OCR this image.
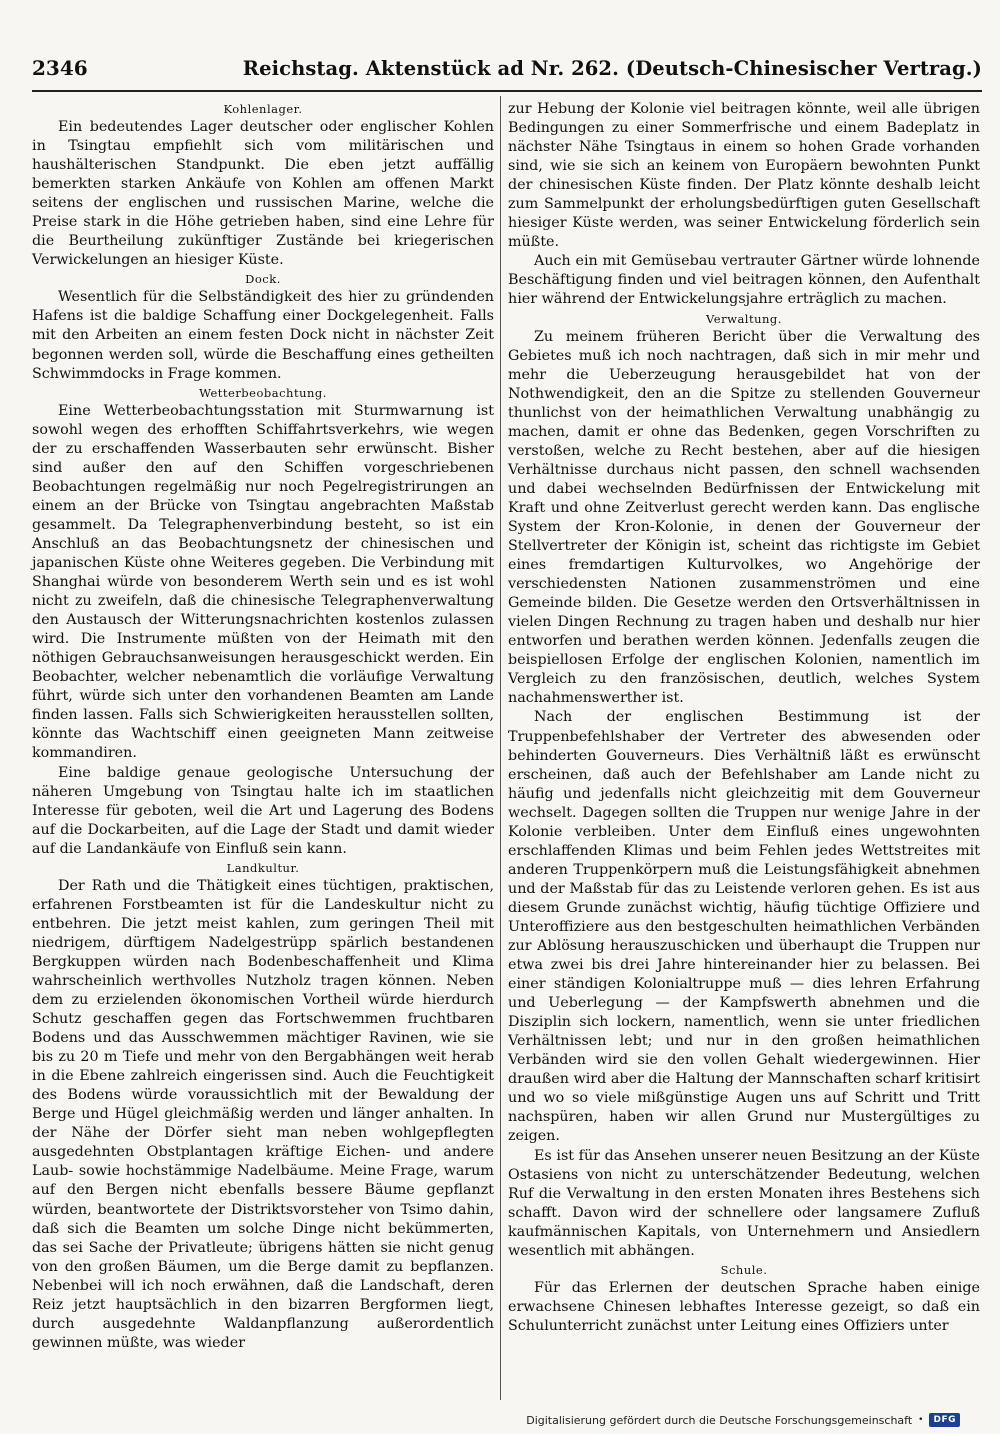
2346	Reichstag. Aktenstück ad Nr. 262. (Deutsch-Chinesischer Vertrag.)
Kohlenlager.

Ein bedeutendes Lager deutscher oder englischer Kohlen in Tsingtau empfiehlt sich vom militärischen und haushälterischen Standpunkt. Die eben jetzt auffällig bemerkten starken Ankäufe von Kohlen am offenen Markt seitens der englischen und russischen Marine, welche die Preise stark in die Höhe getrieben haben, sind eine Lehre für die Beurtheilung zukünftiger Zustände bei kriegerischen Verwickelungen an hiesiger Küste.

Dock.

Wesentlich für die Selbständigkeit des hier zu gründenden Hafens ist die baldige Schaffung einer Dockgelegenheit. Falls mit den Arbeiten an einem festen Dock nicht in nächster Zeit begonnen werden soll, würde die Beschaffung eines getheilten Schwimmdocks in Frage kommen.

Wetterbeobachtung.

Eine Wetterbeobachtungsstation mit Sturmwarnung ist sowohl wegen des erhofften Schiffahrtsverkehrs, wie wegen der zu erschaffenden Wasserbauten sehr erwünscht. Bisher sind außer den auf den Schiffen vorgeschriebenen Beobachtungen regelmäßig nur noch Pegelregistrirungen an einem an der Brücke von Tsingtau angebrachten Maßstab gesammelt. Da Telegraphenverbindung besteht, so ist ein Anschluß an das Beobachtungsnetz der chinesischen und japanischen Küste ohne Weiteres gegeben. Die Verbindung mit Shanghai würde von besonderem Werth sein und es ist wohl nicht zu zweifeln, daß die chinesische Telegraphenverwaltung den Austausch der Witterungsnachrichten kostenlos zulassen wird. Die Instrumente müßten von der Heimath mit den nöthigen Gebrauchsanweisungen herausgeschickt werden. Ein Beobachter, welcher nebenamtlich die vorläufige Verwaltung führt, würde sich unter den vorhandenen Beamten am Lande finden lassen. Falls sich Schwierigkeiten herausstellen sollten, könnte das Wachtschiff einen geeigneten Mann zeitweise kommandiren.

Eine baldige genaue geologische Untersuchung der näheren Umgebung von Tsingtau halte ich im staatlichen Interesse für geboten, weil die Art und Lagerung des Bodens auf die Dockarbeiten, auf die Lage der Stadt und damit wieder auf die Landankäufe von Einfluß sein kann.

Landkultur.

Der Rath und die Thätigkeit eines tüchtigen, praktischen, erfahrenen Forstbeamten ist für die Landeskultur nicht zu entbehren. Die jetzt meist kahlen, zum geringen Theil mit niedrigem, dürftigem Nadelgestrüpp spärlich bestandenen Bergkuppen würden nach Bodenbeschaffenheit und Klima wahrscheinlich werthvolles Nutzholz tragen können. Neben dem zu erzielenden ökonomischen Vortheil würde hierdurch Schutz geschaffen gegen das Fortschwemmen fruchtbaren Bodens und das Ausschwemmen mächtiger Ravinen, wie sie bis zu 20 m Tiefe und mehr von den Bergabhängen weit herab in die Ebene zahlreich eingerissen sind. Auch die Feuchtigkeit des Bodens würde voraussichtlich mit der Bewaldung der Berge und Hügel gleichmäßig werden und länger anhalten. In der Nähe der Dörfer sieht man neben wohlgepflegten ausgedehnten Obstplantagen kräftige Eichen- und andere Laub- sowie hochstämmige Nadelbäume. Meine Frage, warum auf den Bergen nicht ebenfalls bessere Bäume gepflanzt würden, beantwortete der Distriktsvorsteher von Tsimo dahin, daß sich die Beamten um solche Dinge nicht bekümmerten, das sei Sache der Privatleute; übrigens hätten sie nicht genug von den großen Bäumen, um die Berge damit zu bepflanzen. Nebenbei will ich noch erwähnen, daß die Landschaft, deren Reiz jetzt hauptsächlich in den bizarren Bergformen liegt, durch ausgedehnte Waldanpflanzung außerordentlich gewinnen müßte, was wieder

zur Hebung der Kolonie viel beitragen könnte, weil alle übrigen Bedingungen zu einer Sommerfrische und einem Badeplatz in nächster Nähe Tsingtaus in einem so hohen Grade vorhanden sind, wie sie sich an keinem von Europäern bewohnten Punkt der chinesischen Küste finden. Der Platz könnte deshalb leicht zum Sammelpunkt der erholungsbedürftigen guten Gesellschaft hiesiger Küste werden, was seiner Entwickelung förderlich sein müßte.

Auch ein mit Gemüsebau vertrauter Gärtner würde lohnende Beschäftigung finden und viel beitragen können, den Aufenthalt hier während der Entwickelungsjahre erträglich zu machen.

Verwaltung.

Zu meinem früheren Bericht über die Verwaltung des Gebietes muß ich noch nachtragen, daß sich in mir mehr und mehr die Ueberzeugung herausgebildet hat von der Nothwendigkeit, den an die Spitze zu stellenden Gouverneur thunlichst von der heimathlichen Verwaltung unabhängig zu machen, damit er ohne das Bedenken, gegen Vorschriften zu verstoßen, welche zu Recht bestehen, aber auf die hiesigen Verhältnisse durchaus nicht passen, den schnell wachsenden und dabei wechselnden Bedürfnissen der Entwickelung mit Kraft und ohne Zeitverlust gerecht werden kann. Das englische System der Kron-Kolonie, in denen der Gouverneur der Stellvertreter der Königin ist, scheint das richtigste im Gebiet eines fremdartigen Kulturvolkes, wo Angehörige der verschiedensten Nationen zusammenströmen und eine Gemeinde bilden. Die Gesetze werden den Ortsverhältnissen in vielen Dingen Rechnung zu tragen haben und deshalb nur hier entworfen und berathen werden können. Jedenfalls zeugen die beispiellosen Erfolge der englischen Kolonien, namentlich im Vergleich zu den französischen, deutlich, welches System nachahmenswerther ist.

Nach der englischen Bestimmung ist der Truppenbefehlshaber der Vertreter des abwesenden oder behinderten Gouverneurs. Dies Verhältniß läßt es erwünscht erscheinen, daß auch der Befehlshaber am Lande nicht zu häufig und jedenfalls nicht gleichzeitig mit dem Gouverneur wechselt. Dagegen sollten die Truppen nur wenige Jahre in der Kolonie verbleiben. Unter dem Einfluß eines ungewohnten erschlaffenden Klimas und beim Fehlen jedes Wettstreites mit anderen Truppenkörpern muß die Leistungsfähigkeit abnehmen und der Maßstab für das zu Leistende verloren gehen. Es ist aus diesem Grunde zunächst wichtig, häufig tüchtige Offiziere und Unteroffiziere aus den bestgeschulten heimathlichen Verbänden zur Ablösung herauszuschicken und überhaupt die Truppen nur etwa zwei bis drei Jahre hintereinander hier zu belassen. Bei einer ständigen Kolonialtruppe muß — dies lehren Erfahrung und Ueberlegung — der Kampfswerth abnehmen und die Disziplin sich lockern, namentlich, wenn sie unter friedlichen Verhältnissen lebt; und nur in den großen heimathlichen Verbänden wird sie den vollen Gehalt wiedergewinnen. Hier draußen wird aber die Haltung der Mannschaften scharf kritisirt und wo so viele mißgünstige Augen uns auf Schritt und Tritt nachspüren, haben wir allen Grund nur Mustergültiges zu zeigen.

Es ist für das Ansehen unserer neuen Besitzung an der Küste Ostasiens von nicht zu unterschätzender Bedeutung, welchen Ruf die Verwaltung in den ersten Monaten ihres Bestehens sich schafft. Davon wird der schnellere oder langsamere Zufluß kaufmännischen Kapitals, von Unternehmern und Ansiedlern wesentlich mit abhängen.

Schule.

Für das Erlernen der deutschen Sprache haben einige erwachsene Chinesen lebhaftes Interesse gezeigt, so daß ein Schulunterricht zunächst unter Leitung eines Offiziers unter

Digitalisierung gefördert durch die Deutsche Forschungsgemeinschaft •	DFG
